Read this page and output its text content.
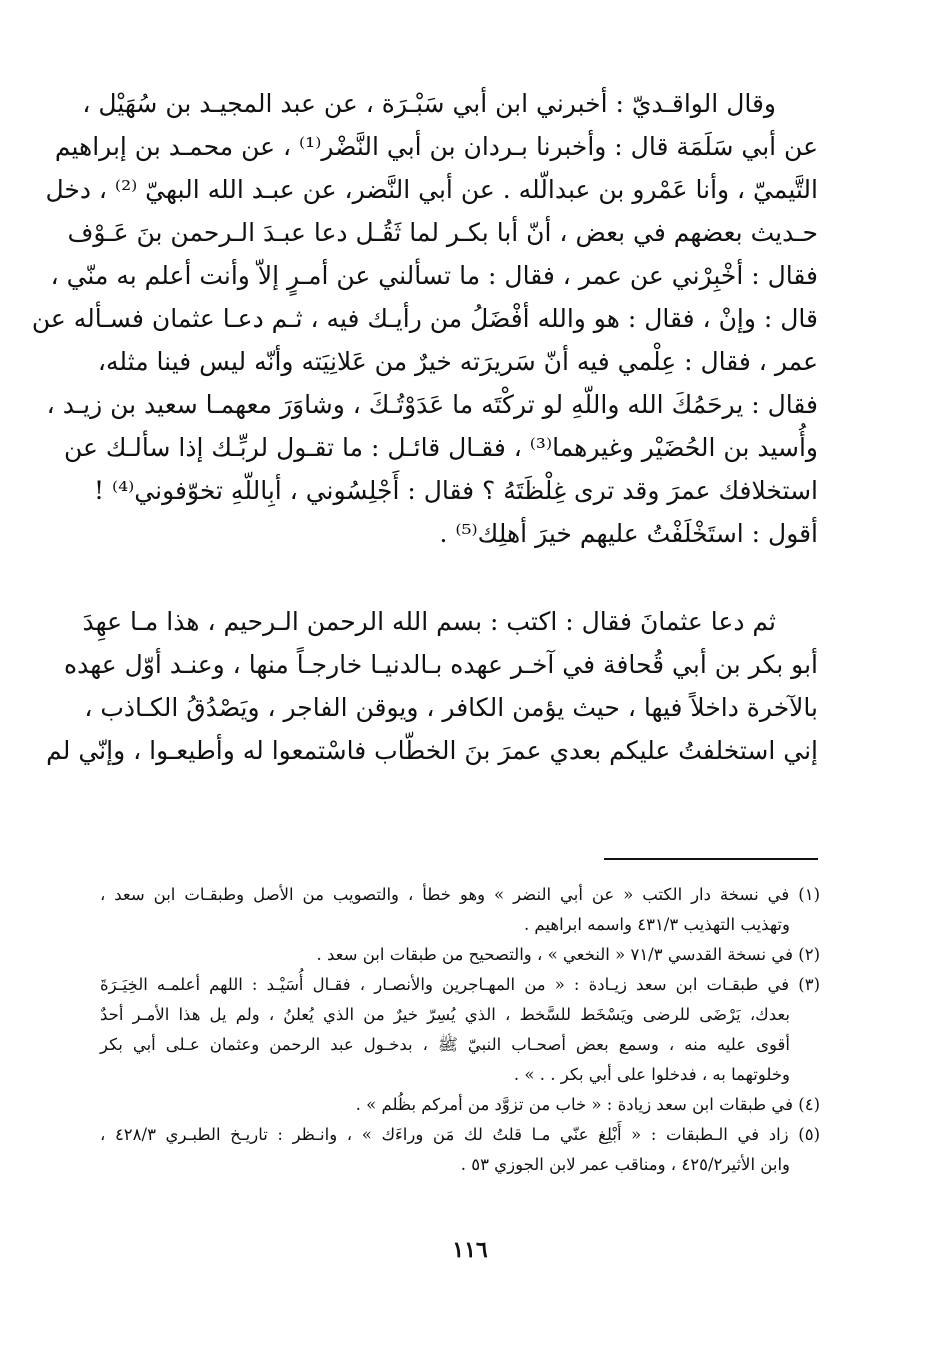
وقال الواقـديّ : أخبرني ابن أبي سَبْـرَة ، عن عبد المجيـد بن سُهَيْل ،
عن أبي سَلَمَة قال : وأخبرنا بـردان بن أبي النَّضْر⁽¹⁾ ، عن محمـد بن إبراهيم
التَّيميّ ، وأنا عَمْرو بن عبدالّله . عن أبي النَّضر، عن عبـد الله البهيّ ⁽²⁾ ، دخل
حـديث بعضهم في بعض ، أنّ أبا بكـر لما ثَقُـل دعا عبـدَ الـرحمن بنَ عَـوْف
فقال : أخْبِرْني عن عمر ، فقال : ما تسألني عن أمـرٍ إلاّ وأنت أعلم به منّي ،
قال : وإنْ ، فقال : هو والله أفْضَلُ من رأيـك فيه ، ثـم دعـا عثمان فسـأله عن
عمر ، فقال : عِلْمي فيه أنّ سَريرَته خيرٌ من عَلانِيَته وأنّه ليس فينا مثله،
فقال : يرحَمُكَ الله واللّهِ لو تركْتَه ما عَدَوْتُـكَ ، وشاوَرَ معهمـا سعيد بن زيـد ،
وأُسيد بن الحُضَيْر وغيرهما⁽³⁾ ، فقـال قائـل : ما تقـول لربِّـك إذا سألـك عن
استخلافك عمرَ وقد ترى غِلْظَتَهُ ؟ فقال : أَجْلِسُوني ، أبِاللّهِ تخوّفوني⁽⁴⁾ !
أقول : استَخْلَفْتُ عليهم خيرَ أهلِك⁽⁵⁾ .
ثم دعا عثمانَ فقال : اكتب : بسم الله الرحمن الـرحيم ، هذا مـا عهِدَ
أبو بكر بن أبي قُحافة في آخـر عهده بـالدنيـا خارجـاً منها ، وعنـد أوّل عهده
بالآخرة داخلاً فيها ، حيث يؤمن الكافر ، ويوقن الفاجر ، ويَصْدُقُ الكـاذب ،
إني استخلفتُ عليكم بعدي عمرَ بنَ الخطّاب فاسْتمعوا له وأطيعـوا ، وإنّي لم
(١) في نسخة دار الكتب « عن أبي النضر » وهو خطأ ، والتصويب من الأصل وطبقـات ابن سعد ،
وتهذيب التهذيب ٤٣١/٣ واسمه ابراهيم .
(٢) في نسخة القدسي ٧١/٣ « النخعي » ، والتصحيح من طبقات ابن سعد .
(٣) في طبقـات ابن سعد زيـادة : « من المهـاجرين والأنصـار ، فقـال أُسَيْـد : اللهم أعلمـه الخِيَـرَةَ
بعدك، يَرْضَى للرضى ويَسْخَط للسَّخط ، الذي يُسِرّ خيرٌ من الذي يُعلنُ ، ولم يل هذا الأمـر أحدٌ
أقوى عليه منه ، وسمع بعض أصحـاب النبيّ ﷺ ، بدخـول عبد الرحمن وعثمان عـلى أبي بكر
وخلوتهما به ، فدخلوا على أبي بكر . . » .
(٤) في طبقات ابن سعد زيادة : « خاب من تزوَّد من أمركم بظُلم » .
(٥) زاد في الـطبقات : « أَبْلِغ عنّي مـا قلتُ لك مَن وراءَك » ، وانـظر : تاريـخ الطبـري ٤٢٨/٣ ،
وابن الأثير٤٢٥/٢ ، ومناقب عمر لابن الجوزي ٥٣ .
١١٦
